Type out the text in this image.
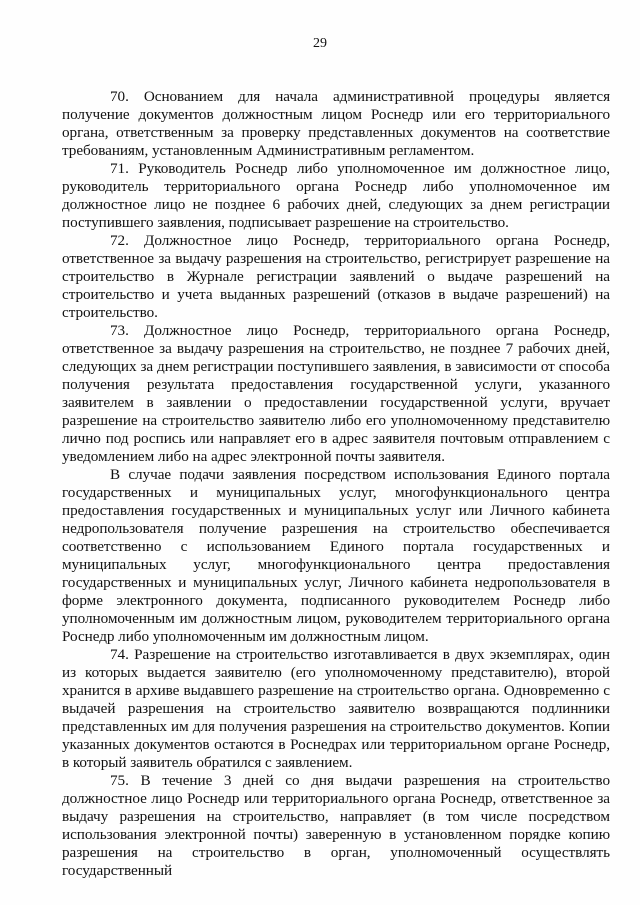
29

70. Основанием для начала административной процедуры является получение документов должностным лицом Роснедр или его территориального органа, ответственным за проверку представленных документов на соответствие требованиям, установленным Административным регламентом.

71. Руководитель Роснедр либо уполномоченное им должностное лицо, руководитель территориального органа Роснедр либо уполномоченное им должностное лицо не позднее 6 рабочих дней, следующих за днем регистрации поступившего заявления, подписывает разрешение на строительство.

72. Должностное лицо Роснедр, территориального органа Роснедр, ответственное за выдачу разрешения на строительство, регистрирует разрешение на строительство в Журнале регистрации заявлений о выдаче разрешений на строительство и учета выданных разрешений (отказов в выдаче разрешений) на строительство.

73. Должностное лицо Роснедр, территориального органа Роснедр, ответственное за выдачу разрешения на строительство, не позднее 7 рабочих дней, следующих за днем регистрации поступившего заявления, в зависимости от способа получения результата предоставления государственной услуги, указанного заявителем в заявлении о предоставлении государственной услуги, вручает разрешение на строительство заявителю либо его уполномоченному представителю лично под роспись или направляет его в адрес заявителя почтовым отправлением с уведомлением либо на адрес электронной почты заявителя.

В случае подачи заявления посредством использования Единого портала государственных и муниципальных услуг, многофункционального центра предоставления государственных и муниципальных услуг или Личного кабинета недропользователя получение разрешения на строительство обеспечивается соответственно с использованием Единого портала государственных и муниципальных услуг, многофункционального центра предоставления государственных и муниципальных услуг, Личного кабинета недропользователя в форме электронного документа, подписанного руководителем Роснедр либо уполномоченным им должностным лицом, руководителем территориального органа Роснедр либо уполномоченным им должностным лицом.

74. Разрешение на строительство изготавливается в двух экземплярах, один из которых выдается заявителю (его уполномоченному представителю), второй хранится в архиве выдавшего разрешение на строительство органа. Одновременно с выдачей разрешения на строительство заявителю возвращаются подлинники представленных им для получения разрешения на строительство документов. Копии указанных документов остаются в Роснедрах или территориальном органе Роснедр, в который заявитель обратился с заявлением.

75. В течение 3 дней со дня выдачи разрешения на строительство должностное лицо Роснедр или территориального органа Роснедр, ответственное за выдачу разрешения на строительство, направляет (в том числе посредством использования электронной почты) заверенную в установленном порядке копию разрешения на строительство в орган, уполномоченный осуществлять государственный
